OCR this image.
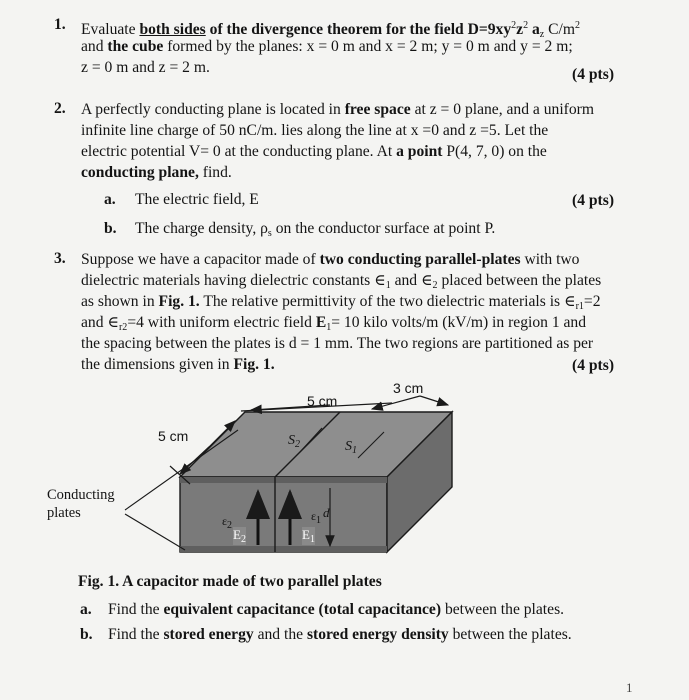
1. Evaluate both sides of the divergence theorem for the field $D=9xy^2z^2$ $a_z$ $C/m^2$

and the cube formed by the planes: x = 0 m and x = 2 m; y = 0 m and y = 2 m;

z = 0 m and z = 2 m.	(4 pts)
2. A perfectly conducting plane is located in free space at z = 0 plane, and a uniform

infinite line charge of 50 nC/m. lies along the line at x =0 and z =5. Let the

electric potential V= 0 at the conducting plane. At a point P(4, 7, 0) on the

conducting plane, find.

a. The electric field, E	(4 pts)
b. The charge density, $\rho_s$ on the conductor surface at point P.

3. Suppose we have a capacitor made of two conducting parallel-plates with two

dielectric materials having dielectric constants $\in_1$ and $\in_2$ placed between the plates

as shown in Fig. 1. The relative permittivity of the two dielectric materials is $\in_{r1}=2$

and $\in_{r2}=4$ with uniform electric field $E_1= 10$ kilo volts/m (kV/m) in region 1 and

the spacing between the plates is d = 1 mm. The two regions are partitioned as per

the dimensions given in Fig. 1.	(4 pts)
3 cm
5 cm
5 cm	$S_2$	$S_1$
Conducting
plates	$\varepsilon_2$
$E_2$
$\varepsilon_1$
$E_1$
d

Fig. 1. A capacitor made of two parallel plates

a. Find the equivalent capacitance (total capacitance) between the plates.

b. Find the stored energy and the stored energy density between the plates.

1
